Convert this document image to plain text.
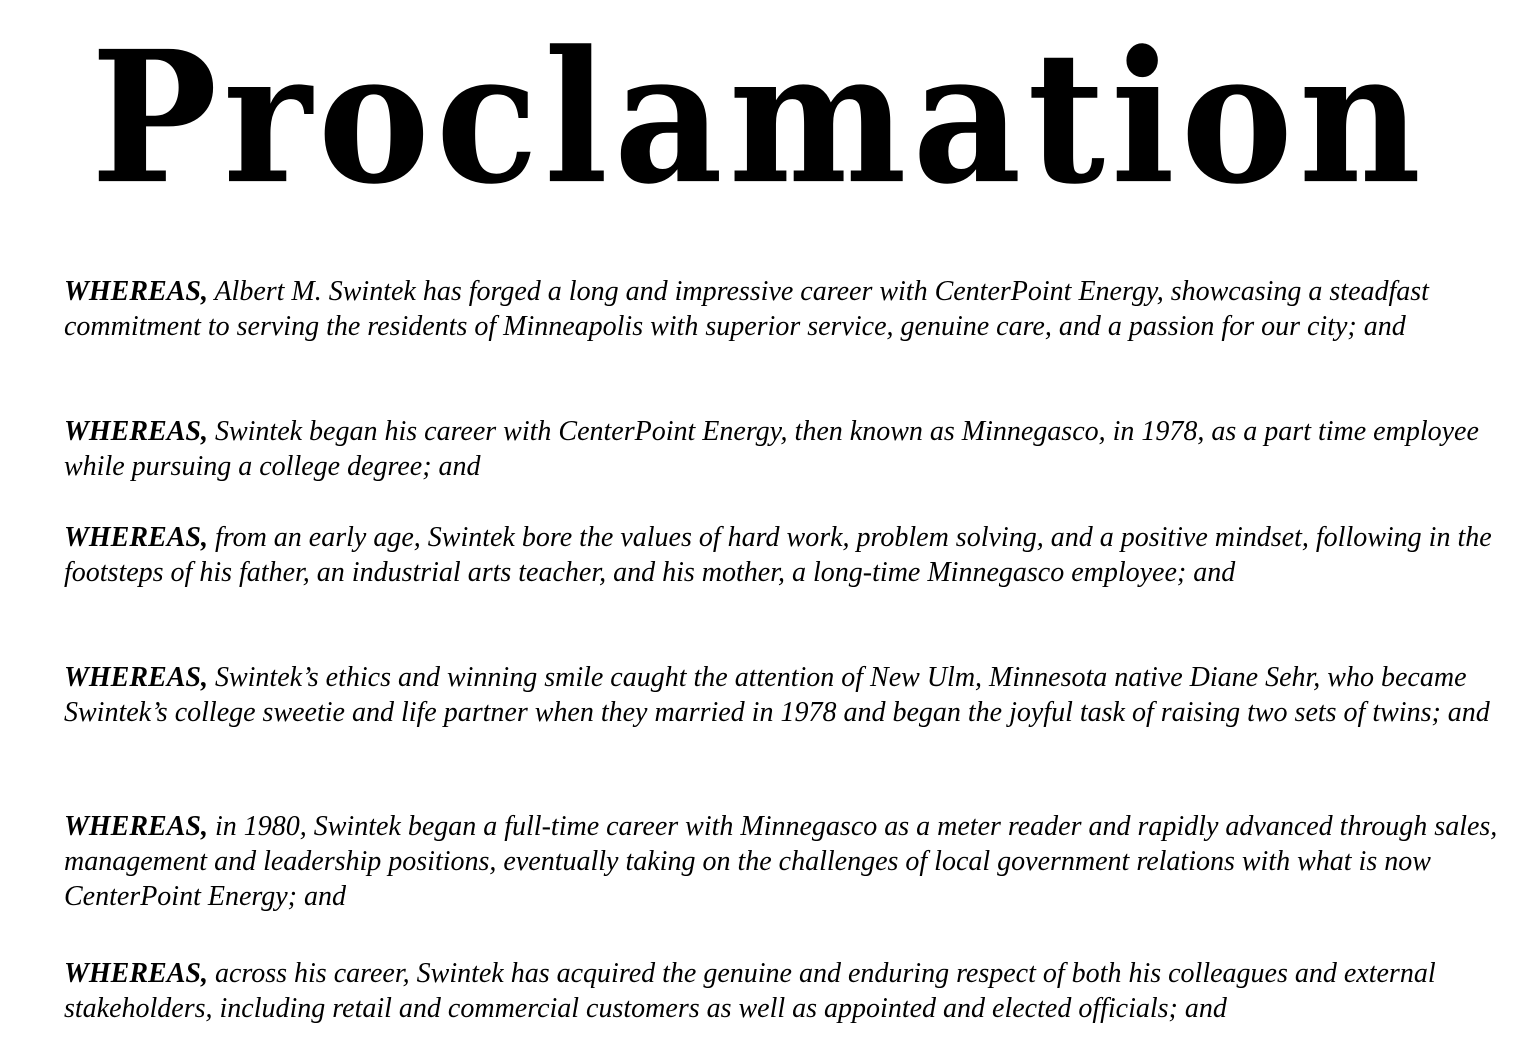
Proclamation

WHEREAS, Albert M. Swintek has forged a long and impressive career with CenterPoint Energy, showcasing a steadfast commitment to serving the residents of Minneapolis with superior service, genuine care, and a passion for our city; and

WHEREAS, Swintek began his career with CenterPoint Energy, then known as Minnegasco, in 1978, as a part time employee while pursuing a college degree; and

WHEREAS, from an early age, Swintek bore the values of hard work, problem solving, and a positive mindset, following in the footsteps of his father, an industrial arts teacher, and his mother, a long-time Minnegasco employee; and

WHEREAS, Swintek’s ethics and winning smile caught the attention of New Ulm, Minnesota native Diane Sehr, who became Swintek’s college sweetie and life partner when they married in 1978 and began the joyful task of raising two sets of twins; and

WHEREAS, in 1980, Swintek began a full-time career with Minnegasco as a meter reader and rapidly advanced through sales, management and leadership positions, eventually taking on the challenges of local government relations with what is now CenterPoint Energy; and

WHEREAS, across his career, Swintek has acquired the genuine and enduring respect of both his colleagues and external stakeholders, including retail and commercial customers as well as appointed and elected officials; and
